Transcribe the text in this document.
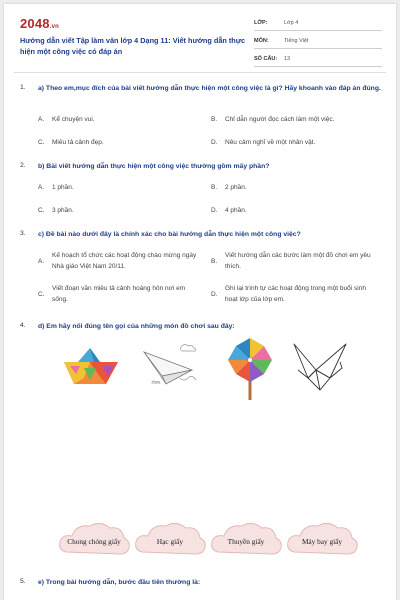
2048.vn
Hướng dẫn viết Tập làm văn lớp 4 Dạng 11: Viết hướng dẫn thực hiện một công việc có đáp án
LỚP:	Lớp 4
MÔN:	Tiếng Việt
SỐ CÂU:	13
1. a) Theo em,mục đích của bài viết hướng dẫn thực hiện một công việc là gì? Hãy khoanh vào đáp án đúng.
A. Kể chuyện vui.	B. Chỉ dẫn người đọc cách làm một việc.
C. Miêu tả cảnh đẹp.	D. Nêu cảm nghĩ về một nhân vật.
2. b) Bài viết hướng dẫn thực hiện một công việc thường gồm mấy phần?
A. 1 phần.	B. 2 phần.
C. 3 phần.	D. 4 phần.
3. c) Đề bài nào dưới đây là chính xác cho bài hướng dẫn thực hiện một công việc?
A.
Kế hoạch tổ chức các hoạt động chào mừng ngày Nhà giáo Việt Nam 20/11.
B.
Viết hướng dẫn các bước làm một đồ chơi em yêu thích.
C.
Viết đoạn văn miêu tả cảnh hoàng hôn nơi em sống.
D.
Ghi lại trình tự các hoạt động trong một buổi sinh hoạt lớp của lớp em.
4. d) Em hãy nối đúng tên gọi của những món đồ chơi sau đây:
Chong chóng giấy	Hạc giấy	Thuyền giấy	Máy bay giấy
5. e) Trong bài hướng dẫn, bước đầu tiên thường là:
